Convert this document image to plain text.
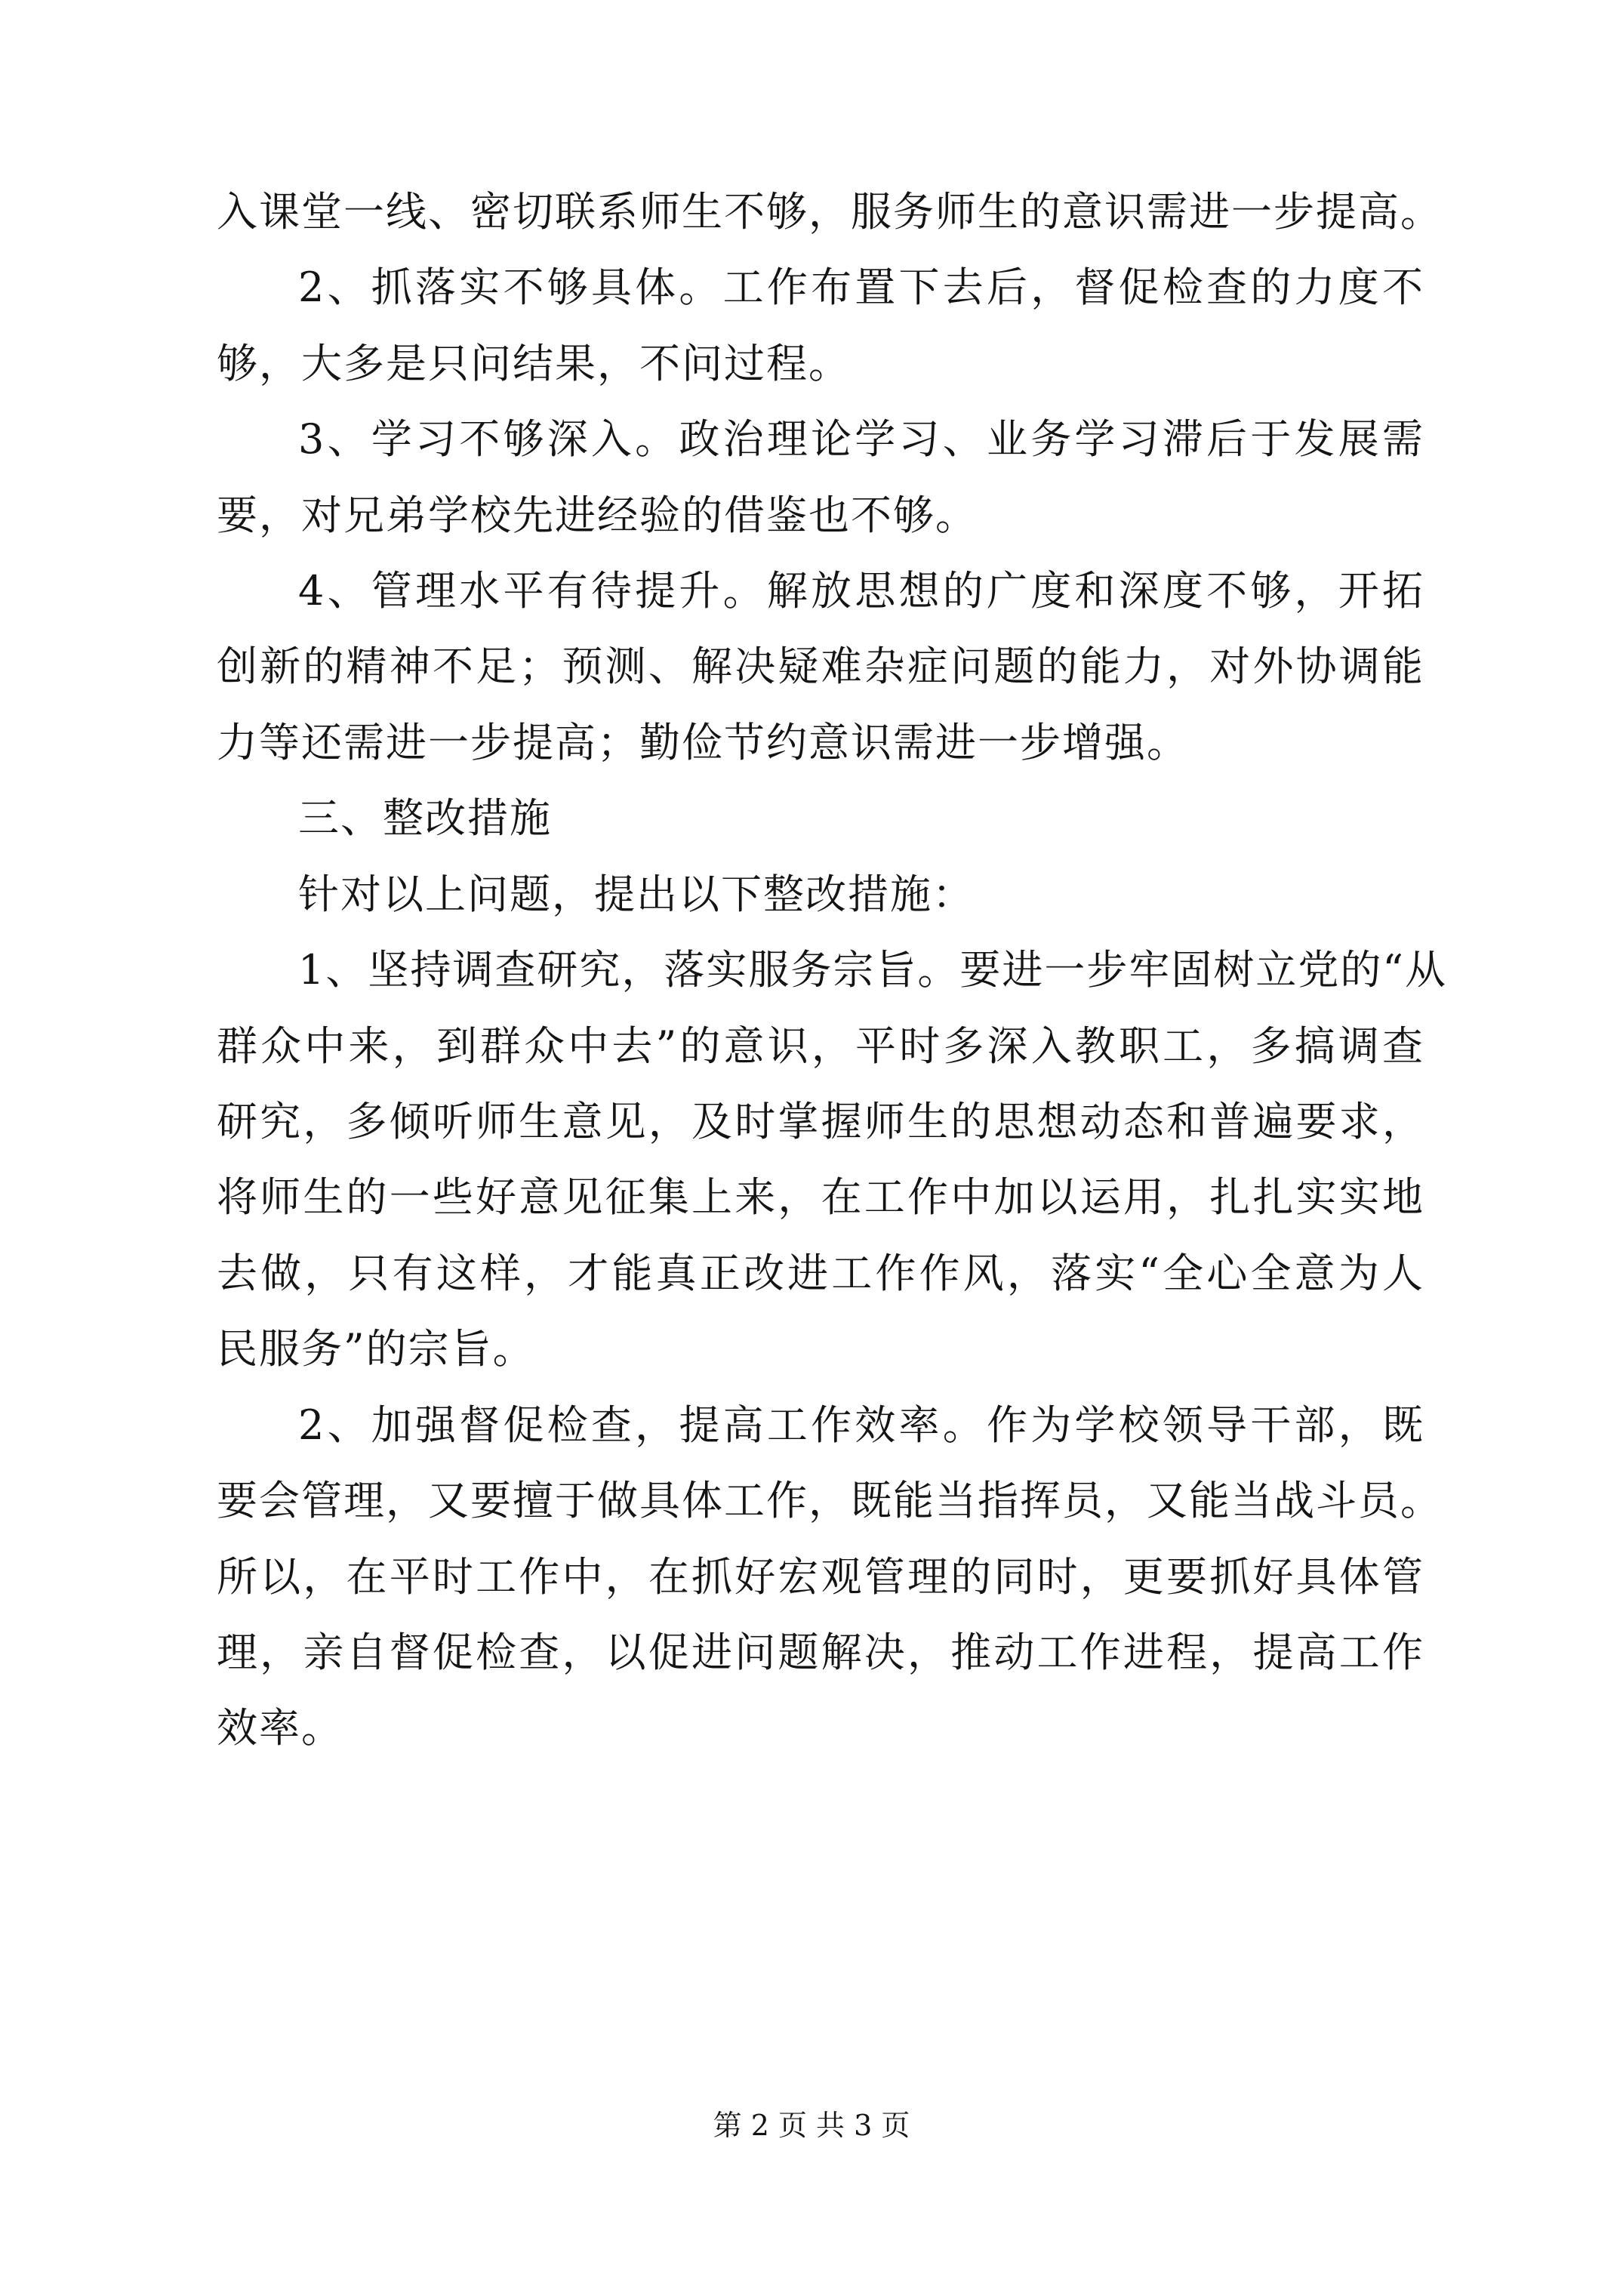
入课堂一线、密切联系师生不够，服务师生的意识需进一步提高。
2、抓落实不够具体。工作布置下去后，督促检查的力度不
够，大多是只问结果，不问过程。
3、学习不够深入。政治理论学习、业务学习滞后于发展需
要，对兄弟学校先进经验的借鉴也不够。
4、管理水平有待提升。解放思想的广度和深度不够，开拓
创新的精神不足；预测、解决疑难杂症问题的能力，对外协调能
力等还需进一步提高；勤俭节约意识需进一步增强。
三、整改措施
针对以上问题，提出以下整改措施：
1、坚持调查研究，落实服务宗旨。要进一步牢固树立党的“从
群众中来，到群众中去”的意识，平时多深入教职工，多搞调查
研究，多倾听师生意见，及时掌握师生的思想动态和普遍要求，
将师生的一些好意见征集上来，在工作中加以运用，扎扎实实地
去做，只有这样，才能真正改进工作作风，落实“全心全意为人
民服务”的宗旨。
2、加强督促检查，提高工作效率。作为学校领导干部，既
要会管理，又要擅于做具体工作，既能当指挥员，又能当战斗员。
所以，在平时工作中，在抓好宏观管理的同时，更要抓好具体管
理，亲自督促检查，以促进问题解决，推动工作进程，提高工作
效率。
第 2 页 共 3 页
